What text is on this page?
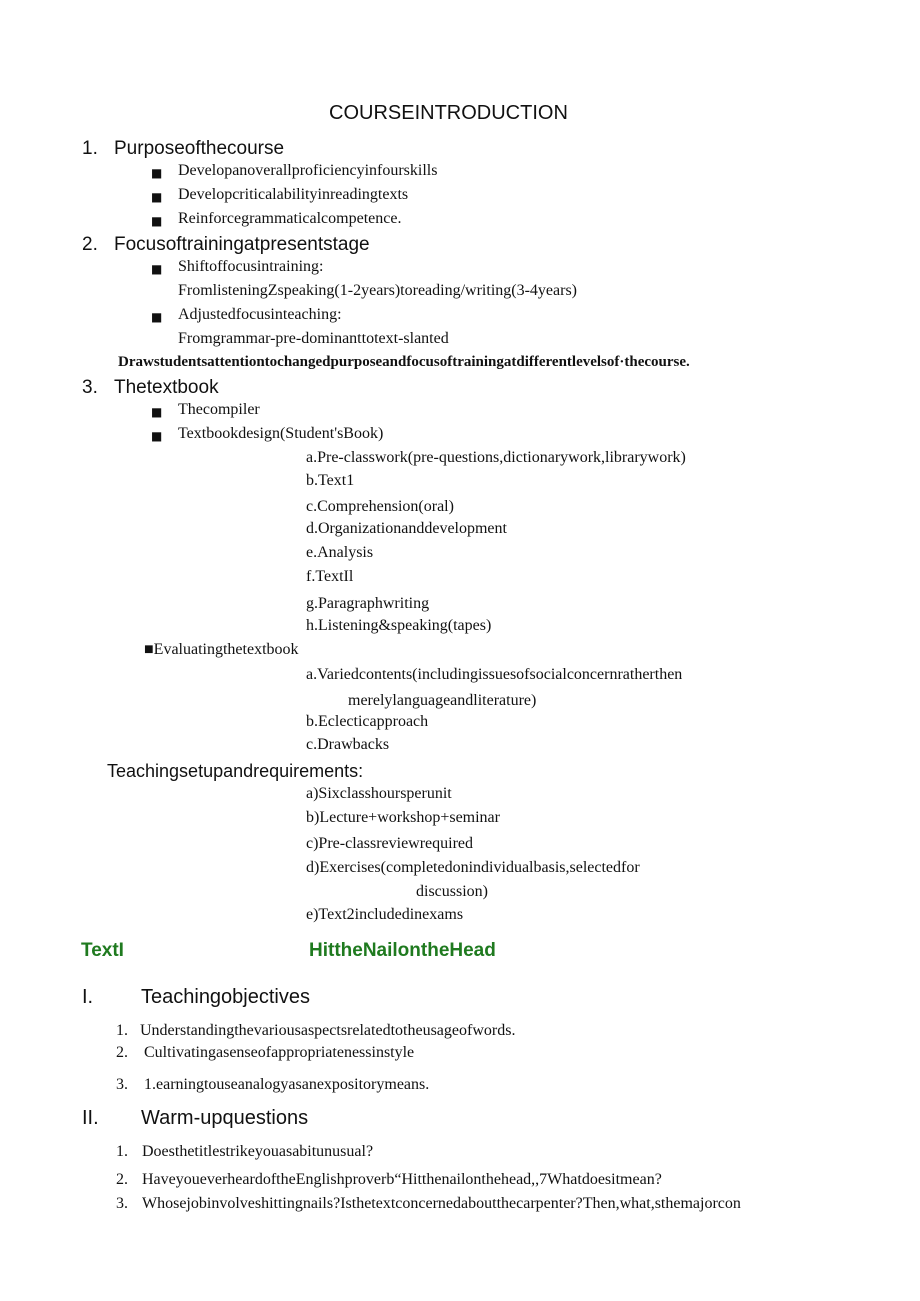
COURSEINTRODUCTION
1. Purposeofthecourse
■ Developanoverallproficiencyinfourskills
■ Developcriticalabilityinreadingtexts
■ Reinforcegrammaticalcompetence.
2. Focusoftrainingatpresentstage
■ Shiftoffocusintraining:
FromlisteningZspeaking(1-2years)toreading/writing(3-4years)
■ Adjustedfocusinteaching:
Fromgrammar-pre-dominanttotext-slanted
Drawstudentsattentiontochangedpurposeandfocusoftrainingatdifferentlevelsof·thecourse.
3. Thetextbook
■ Thecompiler
■ Textbookdesign(Student'sBook)
a.Pre-classwork(pre-questions,dictionarywork,librarywork)
b.Text1
c.Comprehension(oral)
d.Organizationanddevelopment
e.Analysis
f.TextIl
g.Paragraphwriting
h.Listening&speaking(tapes)
■Evaluatingthetextbook
a.Variedcontents(includingissuesofsocialconcernratherthen
merelylanguageandliterature)
b.Eclecticapproach
c.Drawbacks
Teachingsetupandrequirements:
a)Sixclasshoursperunit
b)Lecture+workshop+seminar
c)Pre-classreviewrequired
d)Exercises(completedonindividualbasis,selectedfor
discussion)
e)Text2includedinexams
TextI	HittheNailontheHead
I. Teachingobjectives
1. Understandingthevariousaspectsrelatedtotheusageofwords.
2. Cultivatingasenseofappropriatenessinstyle
3. 1.earningtouseanalogyasanexpositorymeans.
II. Warm-upquestions
1. Doesthetitlestrikeyouasabitunusual?
2. HaveyoueverheardoftheEnglishproverb“Hitthenailonthehead,,7Whatdoesitmean?
3. Whosejobinvolveshittingnails?Isthetextconcernedaboutthecarpenter?Then,what,sthemajorcon
